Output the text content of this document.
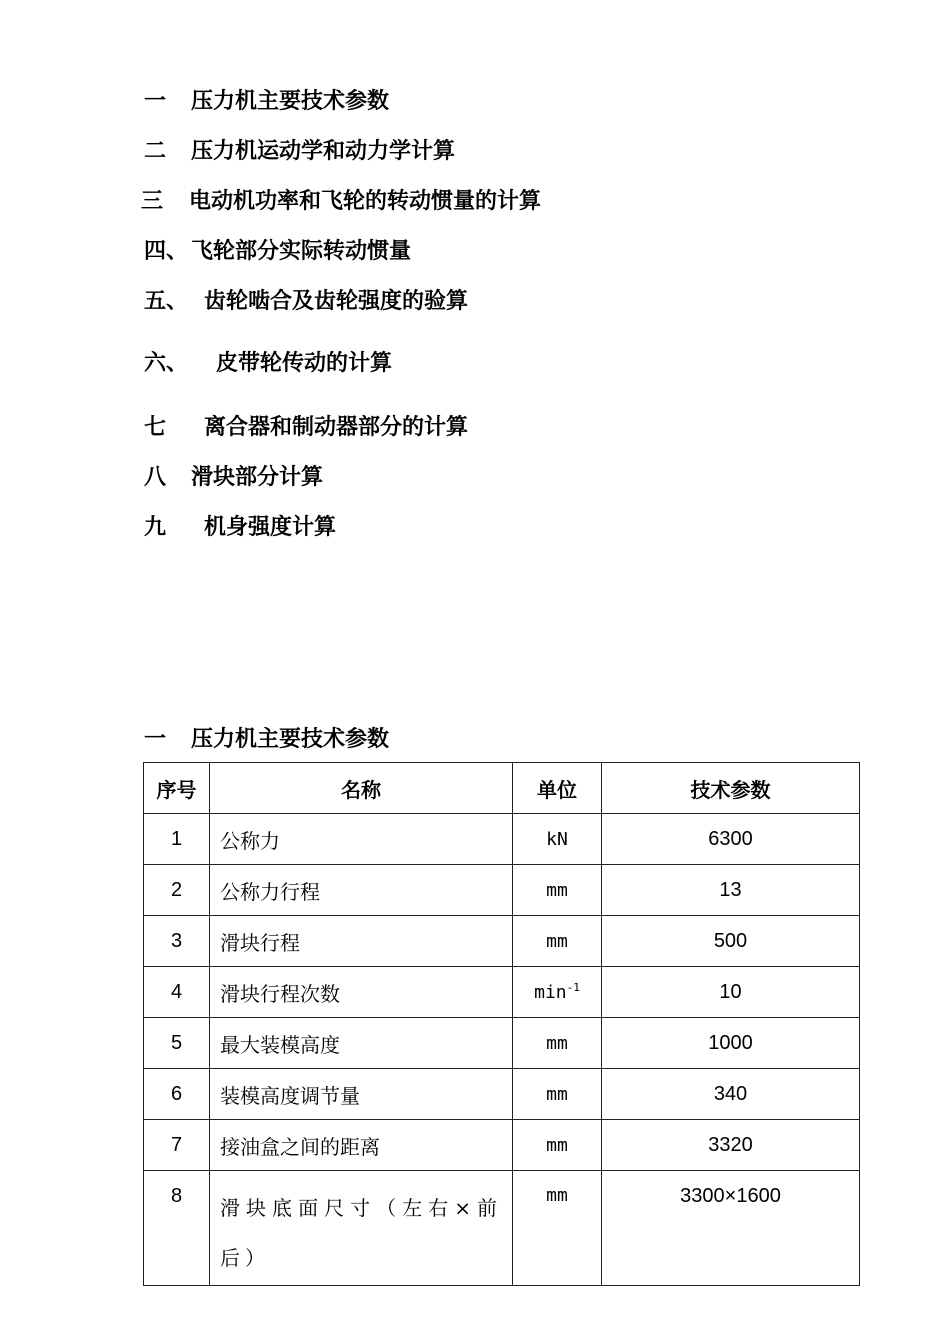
一 压力机主要技术参数
二 压力机运动学和动力学计算
三 电动机功率和飞轮的转动惯量的计算
四、 飞轮部分实际转动惯量
五、 齿轮啮合及齿轮强度的验算
六、 皮带轮传动的计算
七 离合器和制动器部分的计算
八 滑块部分计算
九 机身强度计算
一 压力机主要技术参数
序号	名称	单位	技术参数
1	公称力	kN	6300
2	公称力行程	mm	13
3	滑块行程	mm	500
4	滑块行程次数	$\min^{-1}$	10
5	最大装模高度	mm	1000
6	装模高度调节量	mm	340
7	接油盒之间的距离	mm	3320
8	滑块底面尺寸（左右×前后）	mm	3300×1600
